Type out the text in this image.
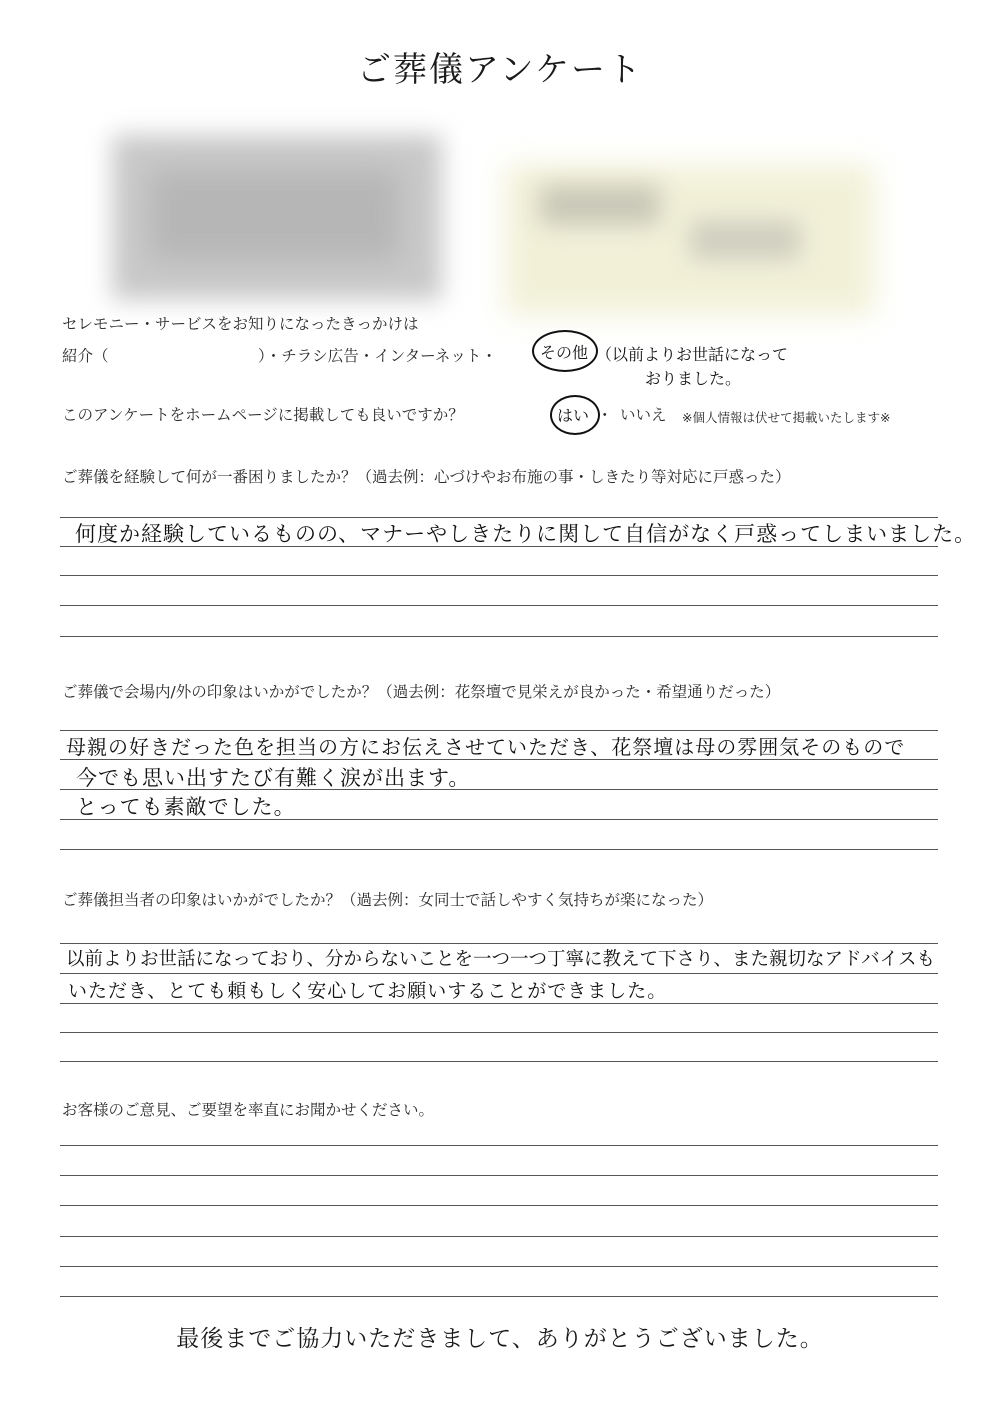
ご葬儀アンケート
セレモニー・サービスをお知りになったきっかけは
紹介（	）・チラシ広告・インターネット・	その他 （以前よりお世話になって
おりました。
このアンケートをホームページに掲載しても良いですか？	はい ・ いいえ ※個人情報は伏せて掲載いたします※
ご葬儀を経験して何が一番困りましたか？（過去例：心づけやお布施の事・しきたり等対応に戸惑った）
何度か経験しているものの、マナーやしきたりに関して自信がなく戸惑ってしまいました。
ご葬儀で会場内/外の印象はいかがでしたか？（過去例：花祭壇で見栄えが良かった・希望通りだった）
母親の好きだった色を担当の方にお伝えさせていただき、花祭壇は母の雰囲気そのもので
今でも思い出すたび有難く涙が出ます。
とっても素敵でした。
ご葬儀担当者の印象はいかがでしたか？（過去例：女同士で話しやすく気持ちが楽になった）
以前よりお世話になっており、分からないことを一つ一つ丁寧に教えて下さり、また親切なアドバイスも
いただき、とても頼もしく安心してお願いすることができました。
お客様のご意見、ご要望を率直にお聞かせください。
最後までご協力いただきまして、ありがとうございました。
